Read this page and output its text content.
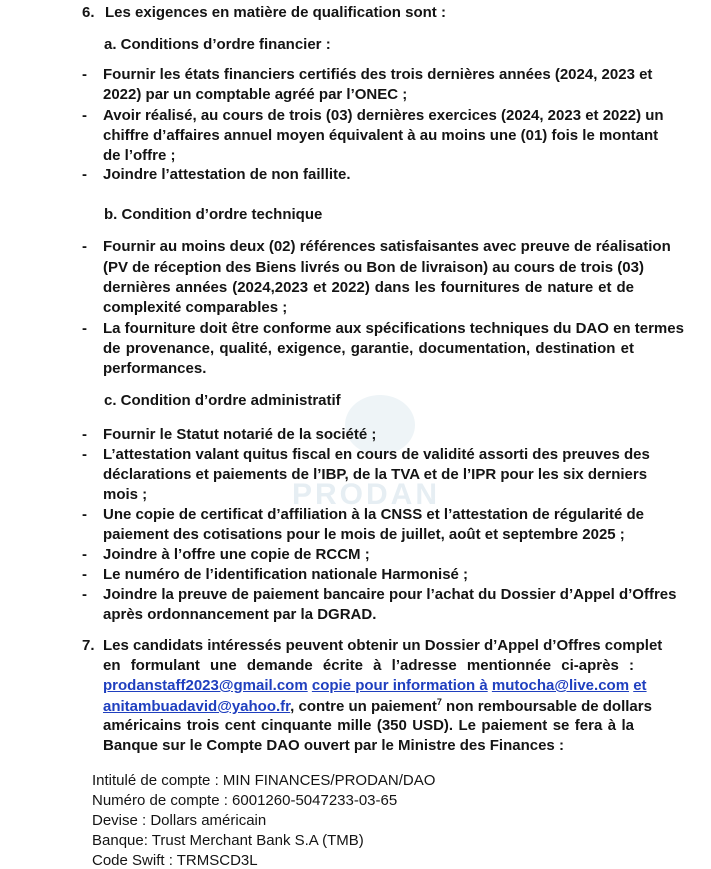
PRODAN
6. Les exigences en matière de qualification sont :
a. Conditions d’ordre financier :
- Fournir les états financiers certifiés des trois dernières années (2024, 2023 et
2022) par un comptable agréé par l’ONEC ;
- Avoir réalisé, au cours de trois (03) dernières exercices (2024, 2023 et 2022) un
chiffre d’affaires annuel moyen équivalent à au moins une (01) fois le montant
de l’offre ;
- Joindre l’attestation de non faillite.
b. Condition d’ordre technique
- Fournir au moins deux (02) références satisfaisantes avec preuve de réalisation
(PV de réception des Biens livrés ou Bon de livraison) au cours de trois (03)
dernières années (2024,2023 et 2022) dans les fournitures de nature et de
complexité comparables ;
- La fourniture doit être conforme aux spécifications techniques du DAO en termes
de provenance, qualité, exigence, garantie, documentation, destination et
performances.
c. Condition d’ordre administratif
- Fournir le Statut notarié de la société ;
- L’attestation valant quitus fiscal en cours de validité assorti des preuves des
déclarations et paiements de l’IBP, de la TVA et de l’IPR pour les six derniers
mois ;
- Une copie de certificat d’affiliation à la CNSS et l’attestation de régularité de
paiement des cotisations pour le mois de juillet, août et septembre 2025 ;
- Joindre à l’offre une copie de RCCM ;
- Le numéro de l’identification nationale Harmonisé ;
- Joindre la preuve de paiement bancaire pour l’achat du Dossier d’Appel d’Offres
après ordonnancement par la DGRAD.
7. Les candidats intéressés peuvent obtenir un Dossier d’Appel d’Offres complet
en formulant une demande écrite à l’adresse mentionnée ci-après :
prodanstaff2023@gmail.com copie pour information à mutocha@live.com et
anitambuadavid@yahoo.fr, contre un paiement$^7$ non remboursable de dollars
américains trois cent cinquante mille (350 USD). Le paiement se fera à la
Banque sur le Compte DAO ouvert par le Ministre des Finances :
Intitulé de compte : MIN FINANCES/PRODAN/DAO
Numéro de compte : 6001260-5047233-03-65
Devise : Dollars américain
Banque: Trust Merchant Bank S.A (TMB)
Code Swift : TRMSCD3L
